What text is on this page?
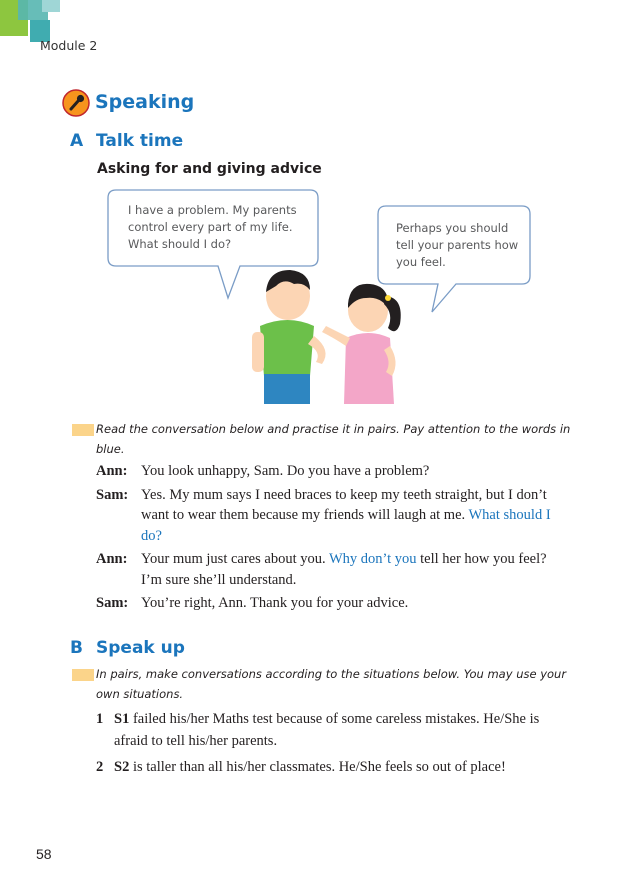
Module 2
Speaking
A Talk time
Asking for and giving advice
I have a problem. My parents
control every part of my life.
What should I do?
Perhaps you should
tell your parents how
you feel.
Read the conversation below and practise it in pairs. Pay attention to the words in blue.
Ann: You look unhappy, Sam. Do you have a problem?
Sam: Yes. My mum says I need braces to keep my teeth straight, but I don’t want to wear them because my friends will laugh at me. What should I do?
Ann: Your mum just cares about you. Why don’t you tell her how you feel? I’m sure she’ll understand.
Sam: You’re right, Ann. Thank you for your advice.
B Speak up
In pairs, make conversations according to the situations below. You may use your own situations.
1 S1 failed his/her Maths test because of some careless mistakes. He/She is afraid to tell his/her parents.
2 S2 is taller than all his/her classmates. He/She feels so out of place!
58
